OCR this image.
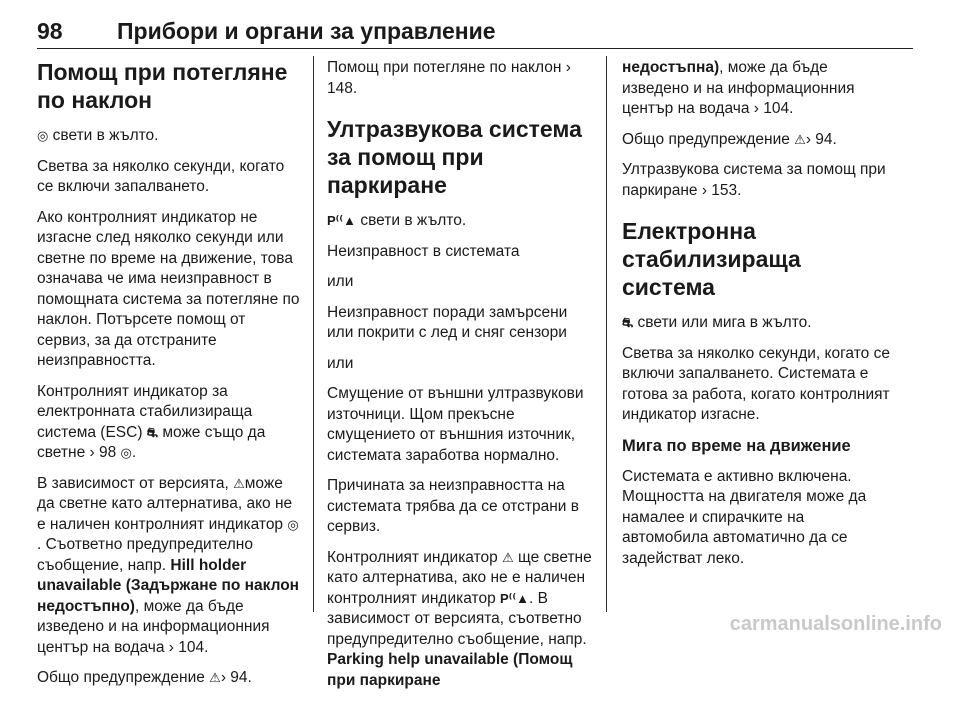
98 Прибори и органи за управление
Помощ при потегляне по наклон

◎ свети в жълто.

Светва за няколко секунди, когато се включи запалването.

Ако контролният индикатор не изгасне след няколко секунди или светне по време на движение, това означава че има неизправност в помощната система за потегляне по наклон. Потърсете помощ от сервиз, за да отстраните неизправността.

Контролният индикатор за електронната стабилизираща система (ESC) ⛐ може също да светне › 98 ◎.

В зависимост от версията, ⚠може да светне като алтернатива, ако не е наличен контролният индикатор ◎. Съответно предупредително съобщение, напр. Hill holder unavailable (Задържане по наклон недостъпно), може да бъде изведено и на информационния център на водача › 104.

Общо предупреждение ⚠› 94.

Помощ при потегляне по наклон › 148.

Ултразвукова система за помощ при паркиране

P⁽⁽▲ свети в жълто.

Неизправност в системата

или

Неизправност поради замърсени или покрити с лед и сняг сензори

или

Смущение от външни ултразвукови източници. Щом прекъсне смущението от външния източник, системата заработва нормално.

Причината за неизправността на системата трябва да се отстрани в сервиз.

Контролният индикатор ⚠ ще светне като алтернатива, ако не е наличен контролният индикатор P⁽⁽▲. В зависимост от версията, съответно предупредително съобщение, напр. Parking help unavailable (Помощ при паркиране

недостъпна), може да бъде изведено и на информационния център на водача › 104.

Общо предупреждение ⚠› 94.

Ултразвукова система за помощ при паркиране › 153.

Електронна стабилизираща система

⛐ свети или мига в жълто.

Светва за няколко секунди, когато се включи запалването. Системата е готова за работа, когато контролният индикатор изгасне.

Мига по време на движение

Системата е активно включена. Мощността на двигателя може да намалее и спирачките на автомобила автоматично да се задействат леко.

carmanualsonline.info
